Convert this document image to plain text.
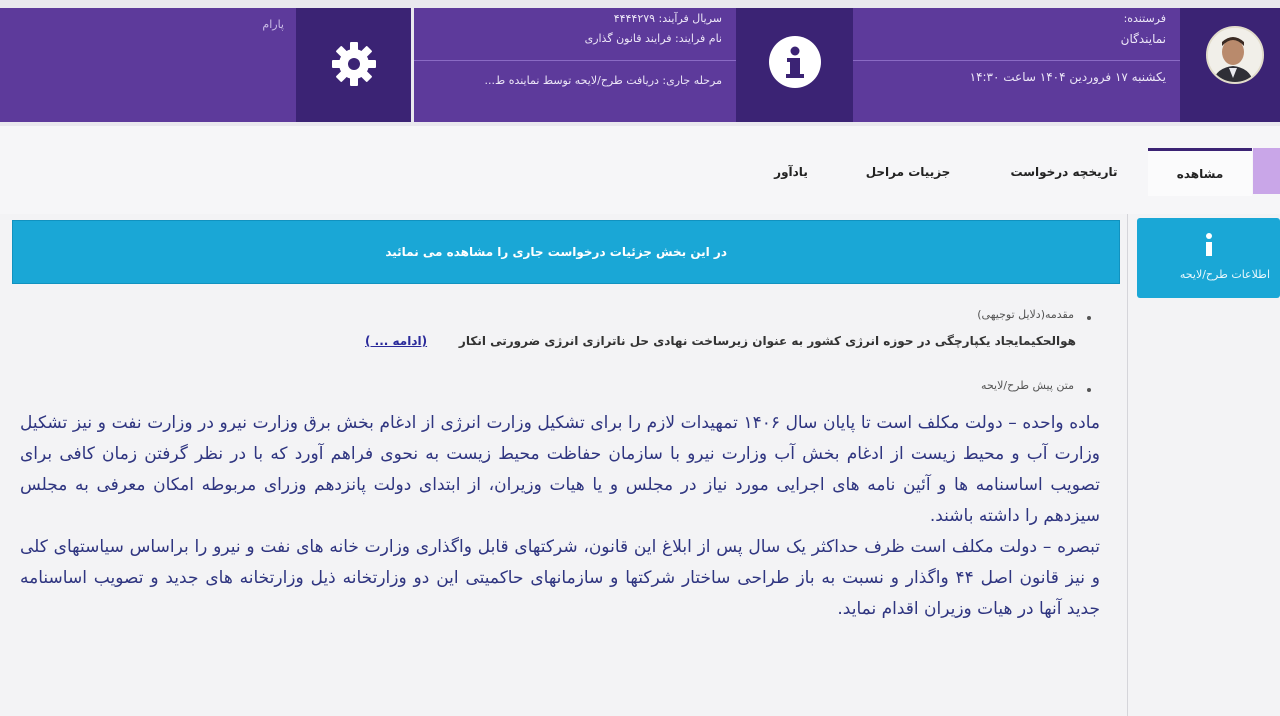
فرستنده:
نمایندگان
یکشنبه ۱۷ فروردین ۱۴۰۴ ساعت ۱۴:۳۰
سریال فرآیند: ۴۴۴۴۲۷۹
نام فرایند: فرایند قانون گذاری
مرحله جاری: دریافت طرح/لایحه توسط نماینده ط...
پارام
مشاهده
تاریخچه درخواست
جزییات مراحل
یادآور
اطلاعات طرح/لایحه
در این بخش جزئیات درخواست جاری را مشاهده می نمائید
مقدمه(دلایل توجیهی)
هوالحکیمایجاد یکپارچگی در حوزه انرژی کشور به عنوان زیرساخت نهادی حل ناترازی انرژی ضرورتی انکار
(ادامه ... )
متن پیش طرح/لایحه

ماده واحده – دولت مکلف است تا پایان سال ۱۴۰۶ تمهیدات لازم را برای تشکیل وزارت انرژی از ادغام بخش برق وزارت نیرو در وزارت نفت و نیز تشکیل وزارت آب و محیط زیست از ادغام بخش آب وزارت نیرو با سازمان حفاظت محیط زیست به نحوی فراهم آورد که با در نظر گرفتن زمان کافی برای تصویب اساسنامه ها و آئین نامه های اجرایی مورد نیاز در مجلس و یا هیات وزیران، از ابتدای دولت پانزدهم وزرای مربوطه امکان معرفی به مجلس سیزدهم را داشته باشند.

تبصره – دولت مکلف است ظرف حداکثر یک سال پس از ابلاغ این قانون، شرکتهای قابل واگذاری وزارت خانه های نفت و نیرو را براساس سیاستهای کلی و نیز قانون اصل ۴۴ واگذار و نسبت به باز طراحی ساختار شرکتها و سازمانهای حاکمیتی این دو وزارتخانه ذیل وزارتخانه های جدید و تصویب اساسنامه جدید آنها در هیات وزیران اقدام نماید.
